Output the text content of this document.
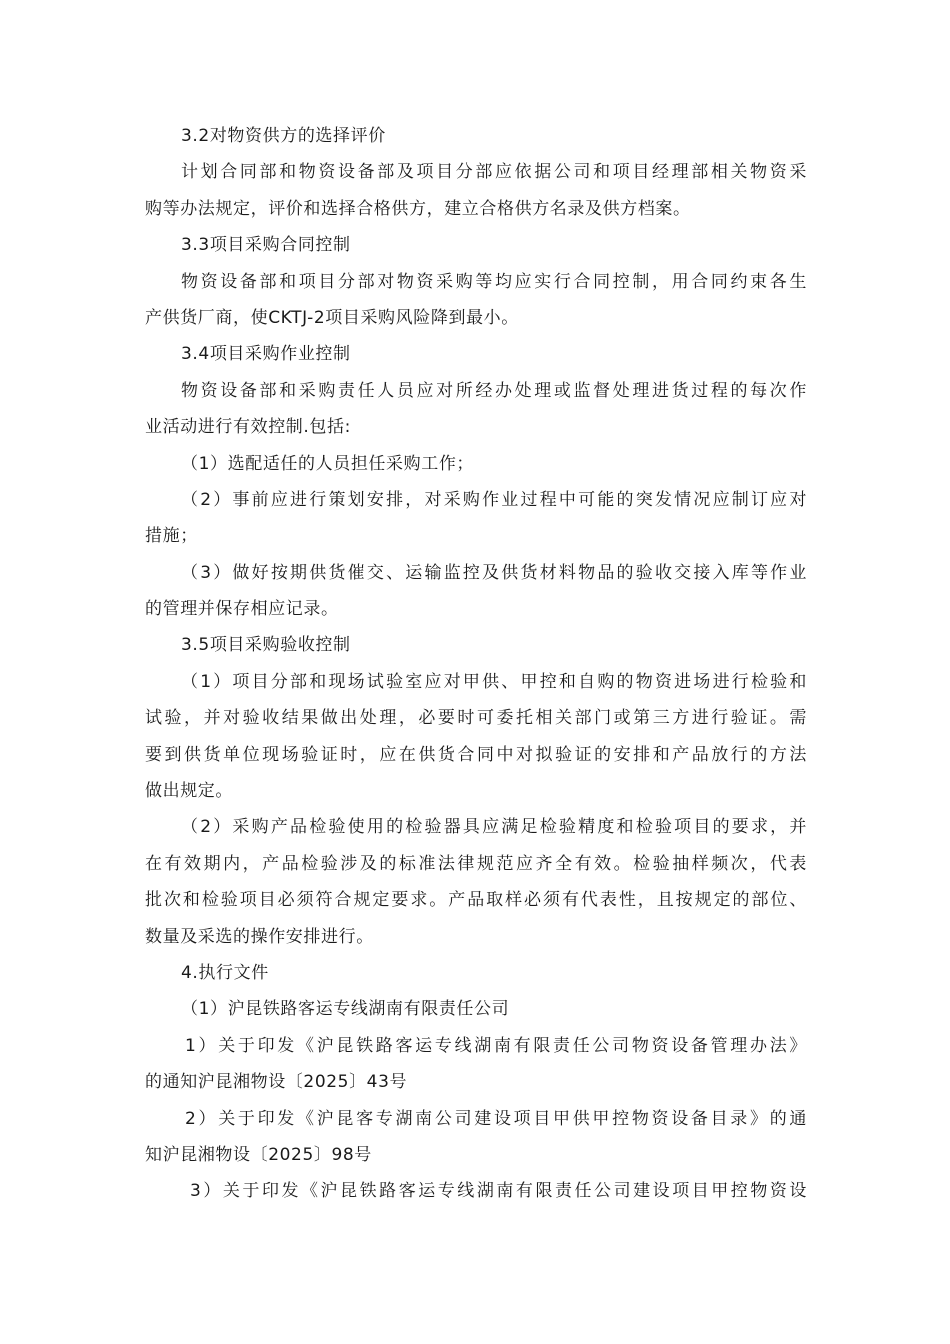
3.2对物资供方的选择评价
计划合同部和物资设备部及项目分部应依据公司和项目经理部相关物资采
购等办法规定，评价和选择合格供方，建立合格供方名录及供方档案。
3.3项目采购合同控制
物资设备部和项目分部对物资采购等均应实行合同控制，用合同约束各生
产供货厂商，使CKTJ-2项目采购风险降到最小。
3.4项目采购作业控制
物资设备部和采购责任人员应对所经办处理或监督处理进货过程的每次作
业活动进行有效控制.包括:
（1）选配适任的人员担任采购工作；
（2）事前应进行策划安排，对采购作业过程中可能的突发情况应制订应对
措施；
（3）做好按期供货催交、运输监控及供货材料物品的验收交接入库等作业
的管理并保存相应记录。
3.5项目采购验收控制
（1）项目分部和现场试验室应对甲供、甲控和自购的物资进场进行检验和
试验，并对验收结果做出处理，必要时可委托相关部门或第三方进行验证。需
要到供货单位现场验证时，应在供货合同中对拟验证的安排和产品放行的方法
做出规定。
（2）采购产品检验使用的检验器具应满足检验精度和检验项目的要求，并
在有效期内，产品检验涉及的标准法律规范应齐全有效。检验抽样频次，代表
批次和检验项目必须符合规定要求。产品取样必须有代表性，且按规定的部位、
数量及采选的操作安排进行。
4.执行文件
（1）沪昆铁路客运专线湖南有限责任公司
1）关于印发《沪昆铁路客运专线湖南有限责任公司物资设备管理办法》
的通知沪昆湘物设〔2025〕43号
2）关于印发《沪昆客专湖南公司建设项目甲供甲控物资设备目录》的通
知沪昆湘物设〔2025〕98号
3）关于印发《沪昆铁路客运专线湖南有限责任公司建设项目甲控物资设
